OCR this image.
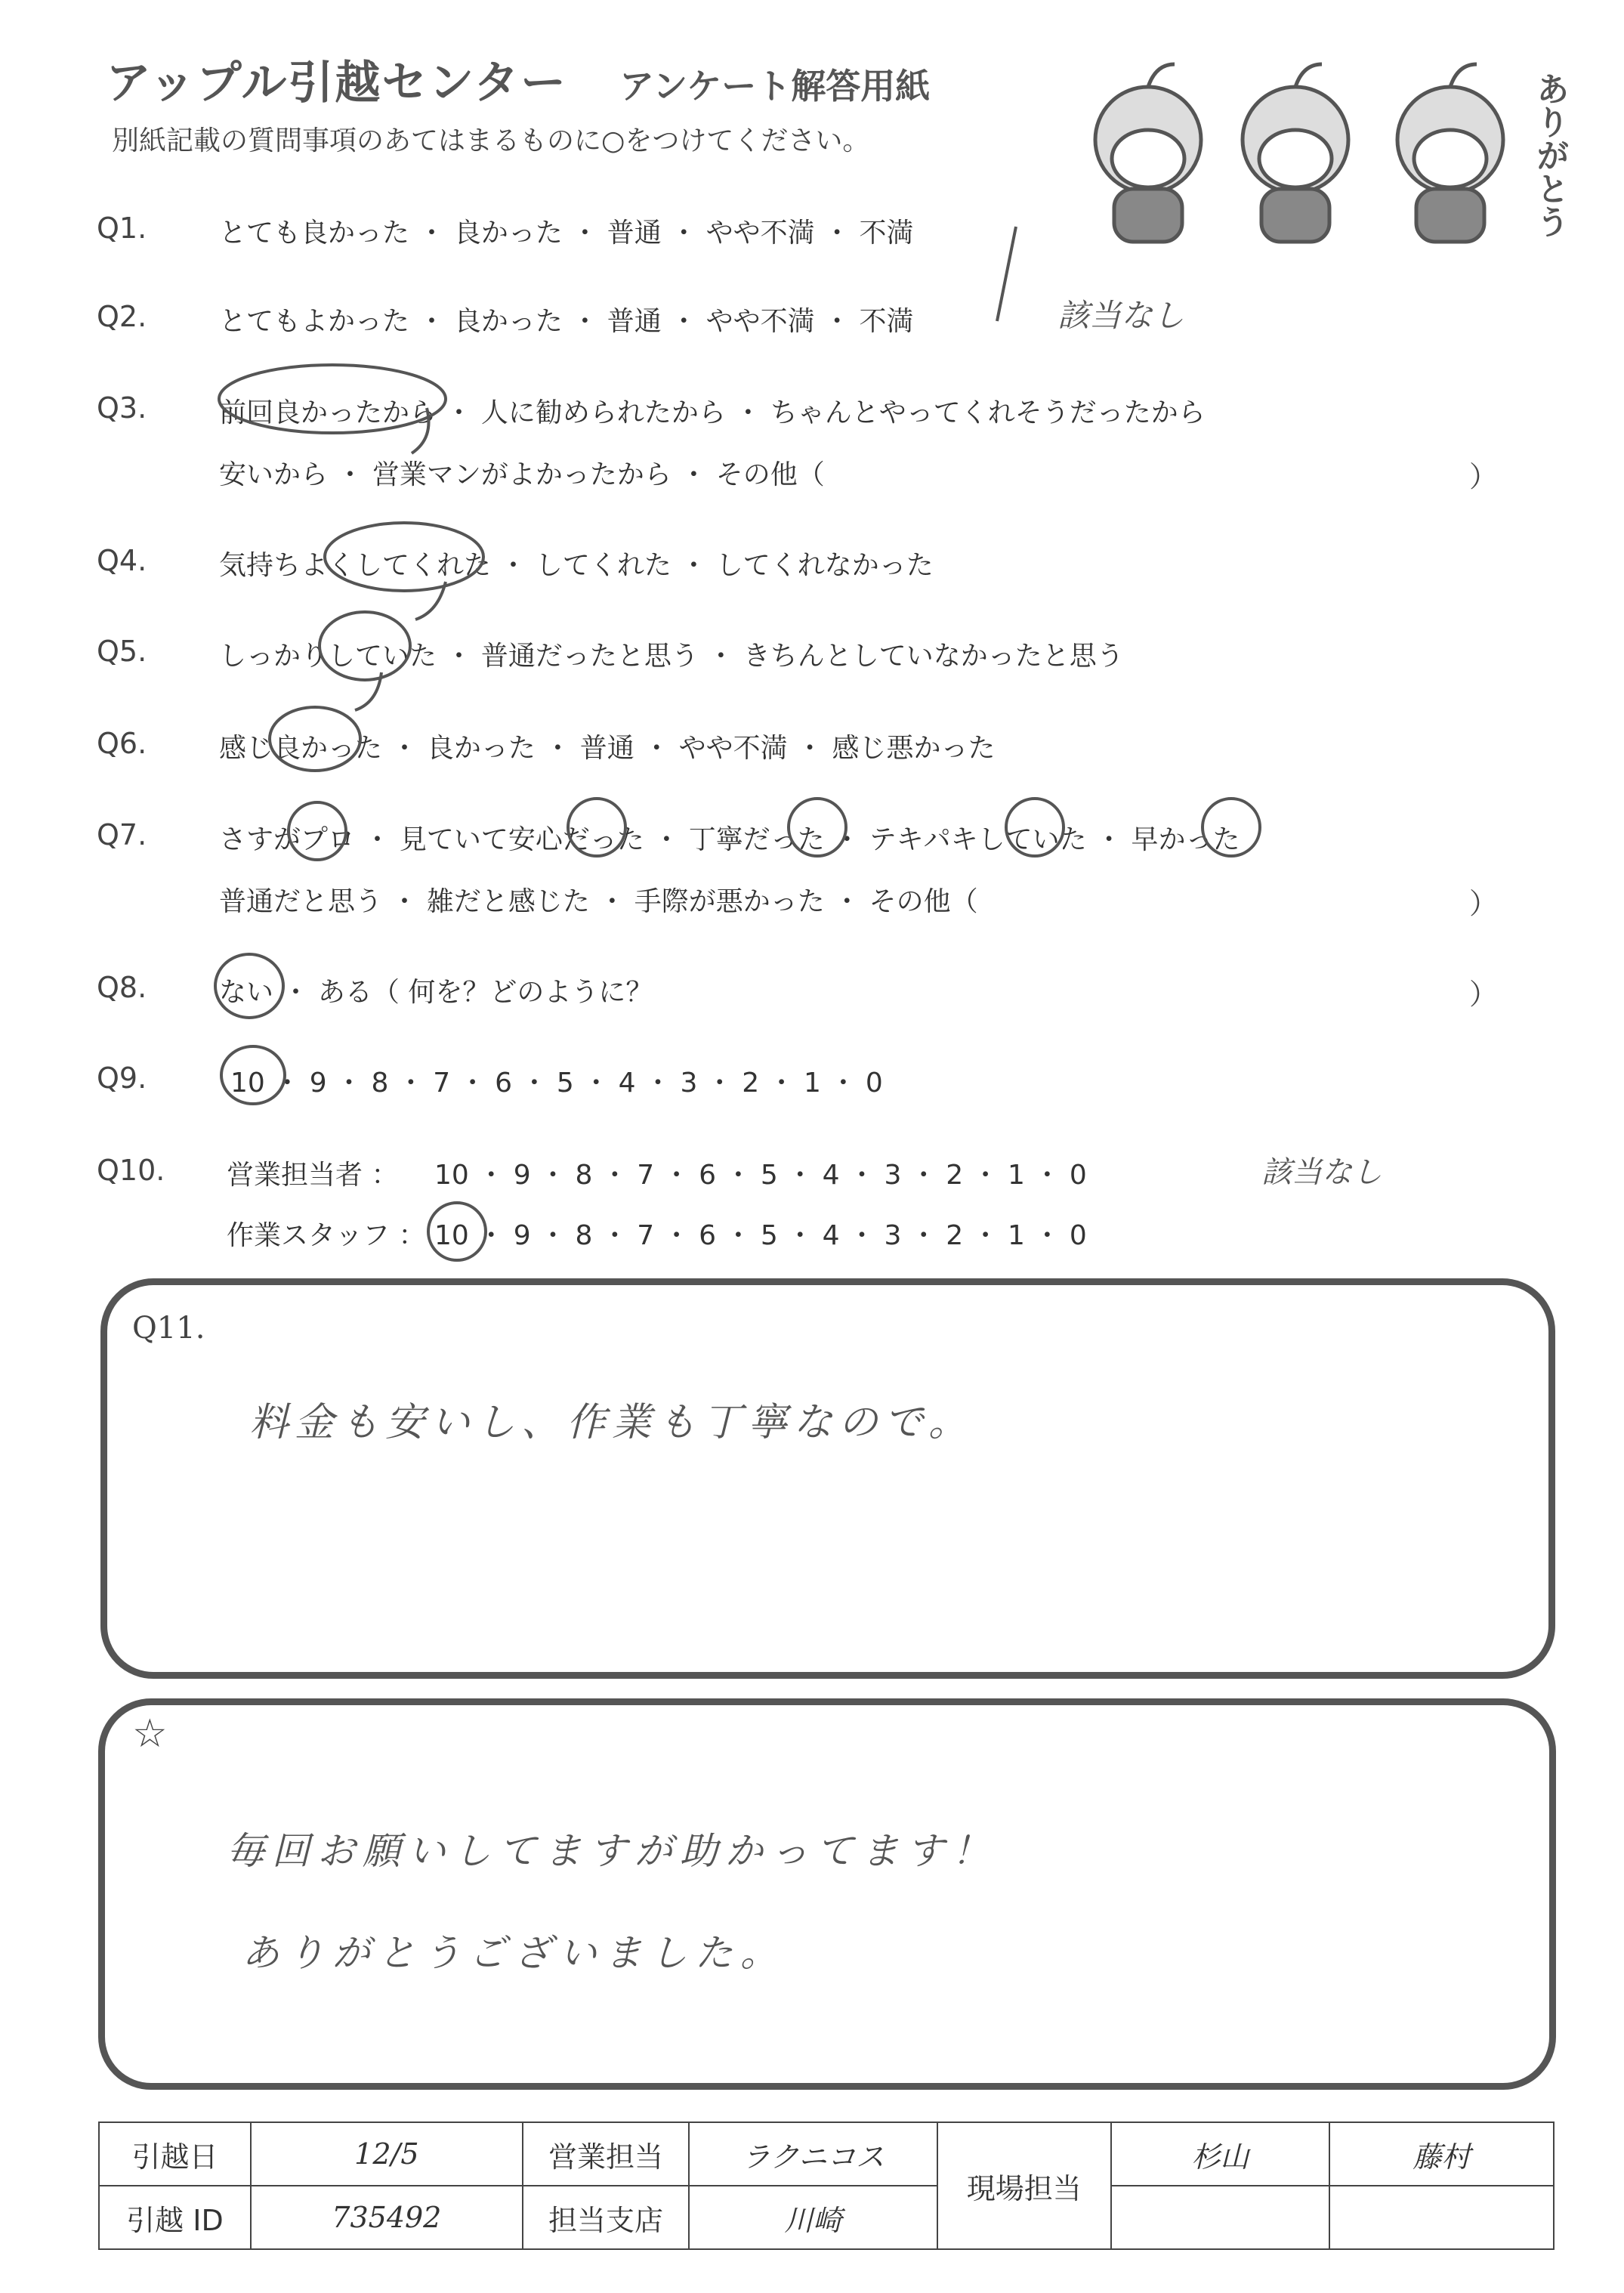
アップル引越センター アンケート解答用紙
別紙記載の質問事項のあてはまるものに○をつけてください。	ありがとう
Q1.	とても良かった ・ 良かった ・ 普通 ・ やや不満 ・ 不満
Q2.	とてもよかった ・ 良かった ・ 普通 ・ やや不満 ・ 不満	該当なし
Q3.	前回良かったから ・ 人に勧められたから ・ ちゃんとやってくれそうだったから
安いから ・ 営業マンがよかったから ・ その他（	）
Q4.	気持ちよくしてくれた ・ してくれた ・ してくれなかった
Q5.	しっかりしていた ・ 普通だったと思う ・ きちんとしていなかったと思う
Q6.	感じ良かった ・ 良かった ・ 普通 ・ やや不満 ・ 感じ悪かった
Q7.	さすがプロ ・ 見ていて安心だった ・ 丁寧だった ・ テキパキしていた ・ 早かった
普通だと思う ・ 雑だと感じた ・ 手際が悪かった ・ その他（	）
Q8.	ない ・ ある（ 何を？どのように？	）
Q9.	10 ・ 9 ・ 8 ・ 7 ・ 6 ・ 5 ・ 4 ・ 3 ・ 2 ・ 1 ・ 0
Q10. 営業担当者 ： 10 ・ 9 ・ 8 ・ 7 ・ 6 ・ 5 ・ 4 ・ 3 ・ 2 ・ 1 ・ 0	該当なし
作業スタッフ ： 10 ・ 9 ・ 8 ・ 7 ・ 6 ・ 5 ・ 4 ・ 3 ・ 2 ・ 1 ・ 0
Q11.
料金も安いし、作業も丁寧なので。
☆
毎回お願いしてますが助かってます！
ありがとうございました。
引越日	12/5	営業担当	ラクニコス	現場担当	杉山	藤村
引越 ID	735492	担当支店	川崎			
